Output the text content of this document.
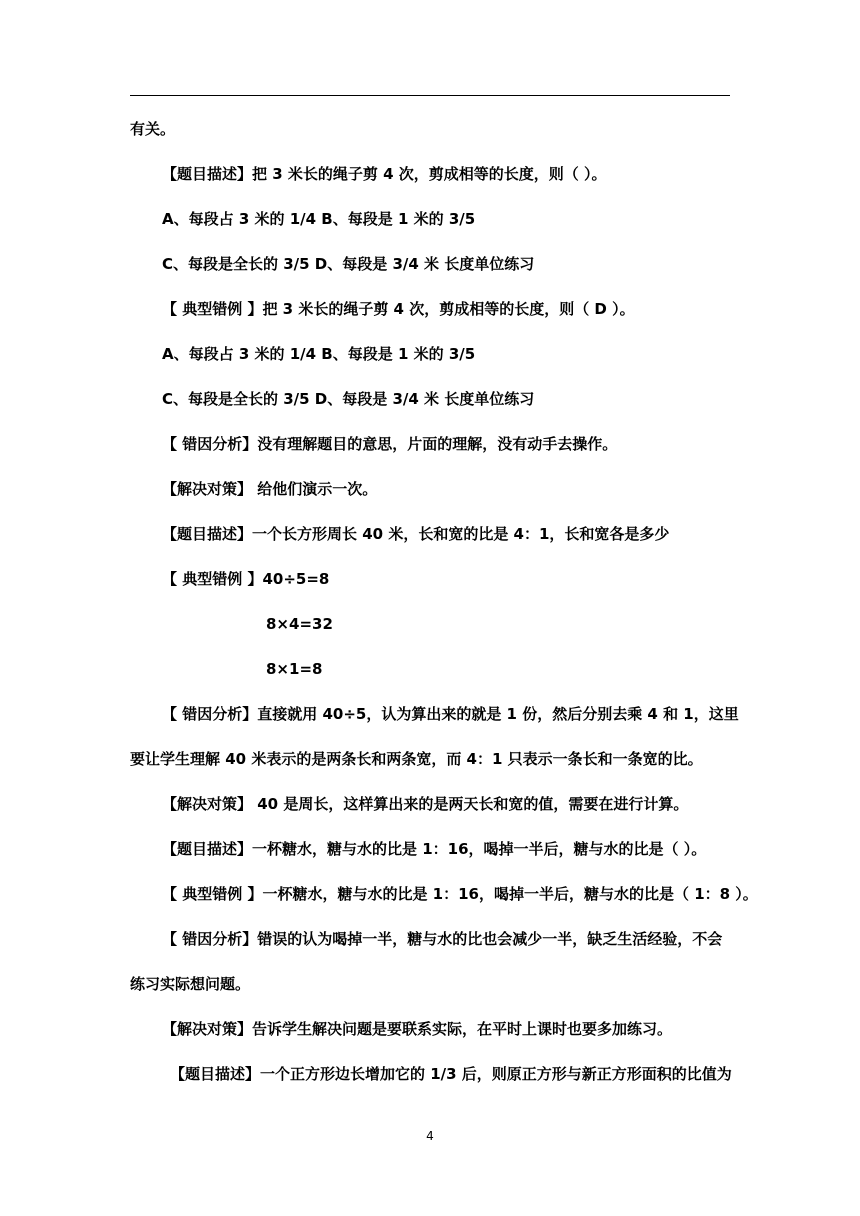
有关。
【题目描述】把 3 米长的绳子剪 4 次，剪成相等的长度，则（ ）。
A、每段占 3 米的 1/4 B、每段是 1 米的 3/5
C、每段是全长的 3/5 D、每段是 3/4 米 长度单位练习
【 典型错例 】把 3 米长的绳子剪 4 次，剪成相等的长度，则（ D ）。
A、每段占 3 米的 1/4 B、每段是 1 米的 3/5
C、每段是全长的 3/5 D、每段是 3/4 米 长度单位练习
【 错因分析】没有理解题目的意思，片面的理解，没有动手去操作。
【解决对策】 给他们演示一次。
【题目描述】一个长方形周长 40 米，长和宽的比是 4：1，长和宽各是多少
【 典型错例 】40÷5=8
8×4=32
8×1=8
【 错因分析】直接就用 40÷5，认为算出来的就是 1 份，然后分别去乘 4 和 1，这里
要让学生理解 40 米表示的是两条长和两条宽，而 4：1 只表示一条长和一条宽的比。
【解决对策】 40 是周长，这样算出来的是两天长和宽的值，需要在进行计算。
【题目描述】一杯糖水，糖与水的比是 1：16，喝掉一半后，糖与水的比是（ ）。
【 典型错例 】一杯糖水，糖与水的比是 1：16，喝掉一半后，糖与水的比是（ 1：8 ）。
【 错因分析】错误的认为喝掉一半，糖与水的比也会减少一半，缺乏生活经验，不会
练习实际想问题。
【解决对策】告诉学生解决问题是要联系实际，在平时上课时也要多加练习。
【题目描述】一个正方形边长增加它的 1/3 后，则原正方形与新正方形面积的比值为
4
